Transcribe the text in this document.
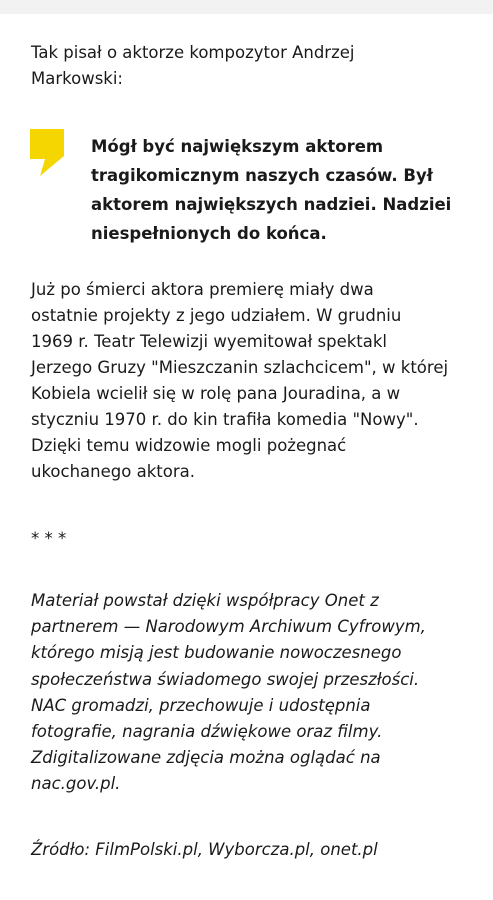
Tak pisał o aktorze kompozytor Andrzej
Markowski:

Mógł być największym aktorem
tragikomicznym naszych czasów. Był
aktorem największych nadziei. Nadziei
niespełnionych do końca.

Już po śmierci aktora premierę miały dwa
ostatnie projekty z jego udziałem. W grudniu
1969 r. Teatr Telewizji wyemitował spektakl
Jerzego Gruzy "Mieszczanin szlachcicem", w której
Kobiela wcielił się w rolę pana Jouradina, a w
styczniu 1970 r. do kin trafiła komedia "Nowy".
Dzięki temu widzowie mogli pożegnać
ukochanego aktora.

* * *

Materiał powstał dzięki współpracy Onet z
partnerem — Narodowym Archiwum Cyfrowym,
którego misją jest budowanie nowoczesnego
społeczeństwa świadomego swojej przeszłości.
NAC gromadzi, przechowuje i udostępnia
fotografie, nagrania dźwiękowe oraz filmy.
Zdigitalizowane zdjęcia można oglądać na
nac.gov.pl.

Źródło: FilmPolski.pl, Wyborcza.pl, onet.pl
